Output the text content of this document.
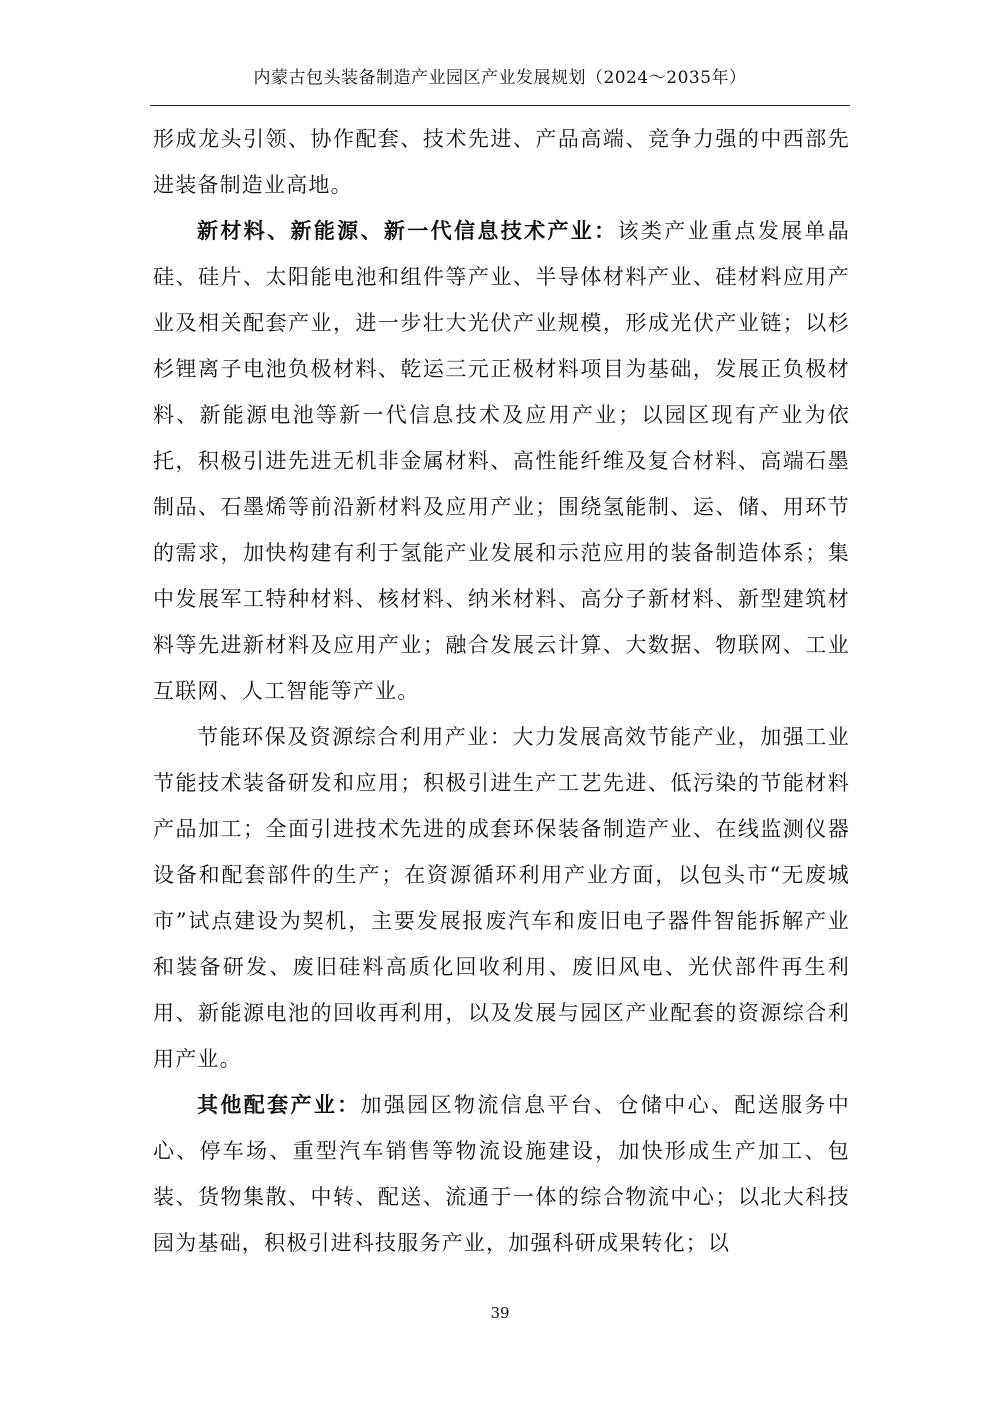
内蒙古包头装备制造产业园区产业发展规划（2024～2035年）

形成龙头引领、协作配套、技术先进、产品高端、竞争力强的中西部先进装备制造业高地。

新材料、新能源、新一代信息技术产业：该类产业重点发展单晶硅、硅片、太阳能电池和组件等产业、半导体材料产业、硅材料应用产业及相关配套产业，进一步壮大光伏产业规模，形成光伏产业链；以杉杉锂离子电池负极材料、乾运三元正极材料项目为基础，发展正负极材料、新能源电池等新一代信息技术及应用产业；以园区现有产业为依托，积极引进先进无机非金属材料、高性能纤维及复合材料、高端石墨制品、石墨烯等前沿新材料及应用产业；围绕氢能制、运、储、用环节的需求，加快构建有利于氢能产业发展和示范应用的装备制造体系；集中发展军工特种材料、核材料、纳米材料、高分子新材料、新型建筑材料等先进新材料及应用产业；融合发展云计算、大数据、物联网、工业互联网、人工智能等产业。

节能环保及资源综合利用产业：大力发展高效节能产业，加强工业节能技术装备研发和应用；积极引进生产工艺先进、低污染的节能材料产品加工；全面引进技术先进的成套环保装备制造产业、在线监测仪器设备和配套部件的生产；在资源循环利用产业方面，以包头市“无废城市”试点建设为契机，主要发展报废汽车和废旧电子器件智能拆解产业和装备研发、废旧硅料高质化回收利用、废旧风电、光伏部件再生利用、新能源电池的回收再利用，以及发展与园区产业配套的资源综合利用产业。

其他配套产业：加强园区物流信息平台、仓储中心、配送服务中心、停车场、重型汽车销售等物流设施建设，加快形成生产加工、包装、货物集散、中转、配送、流通于一体的综合物流中心；以北大科技园为基础，积极引进科技服务产业，加强科研成果转化；以

39
